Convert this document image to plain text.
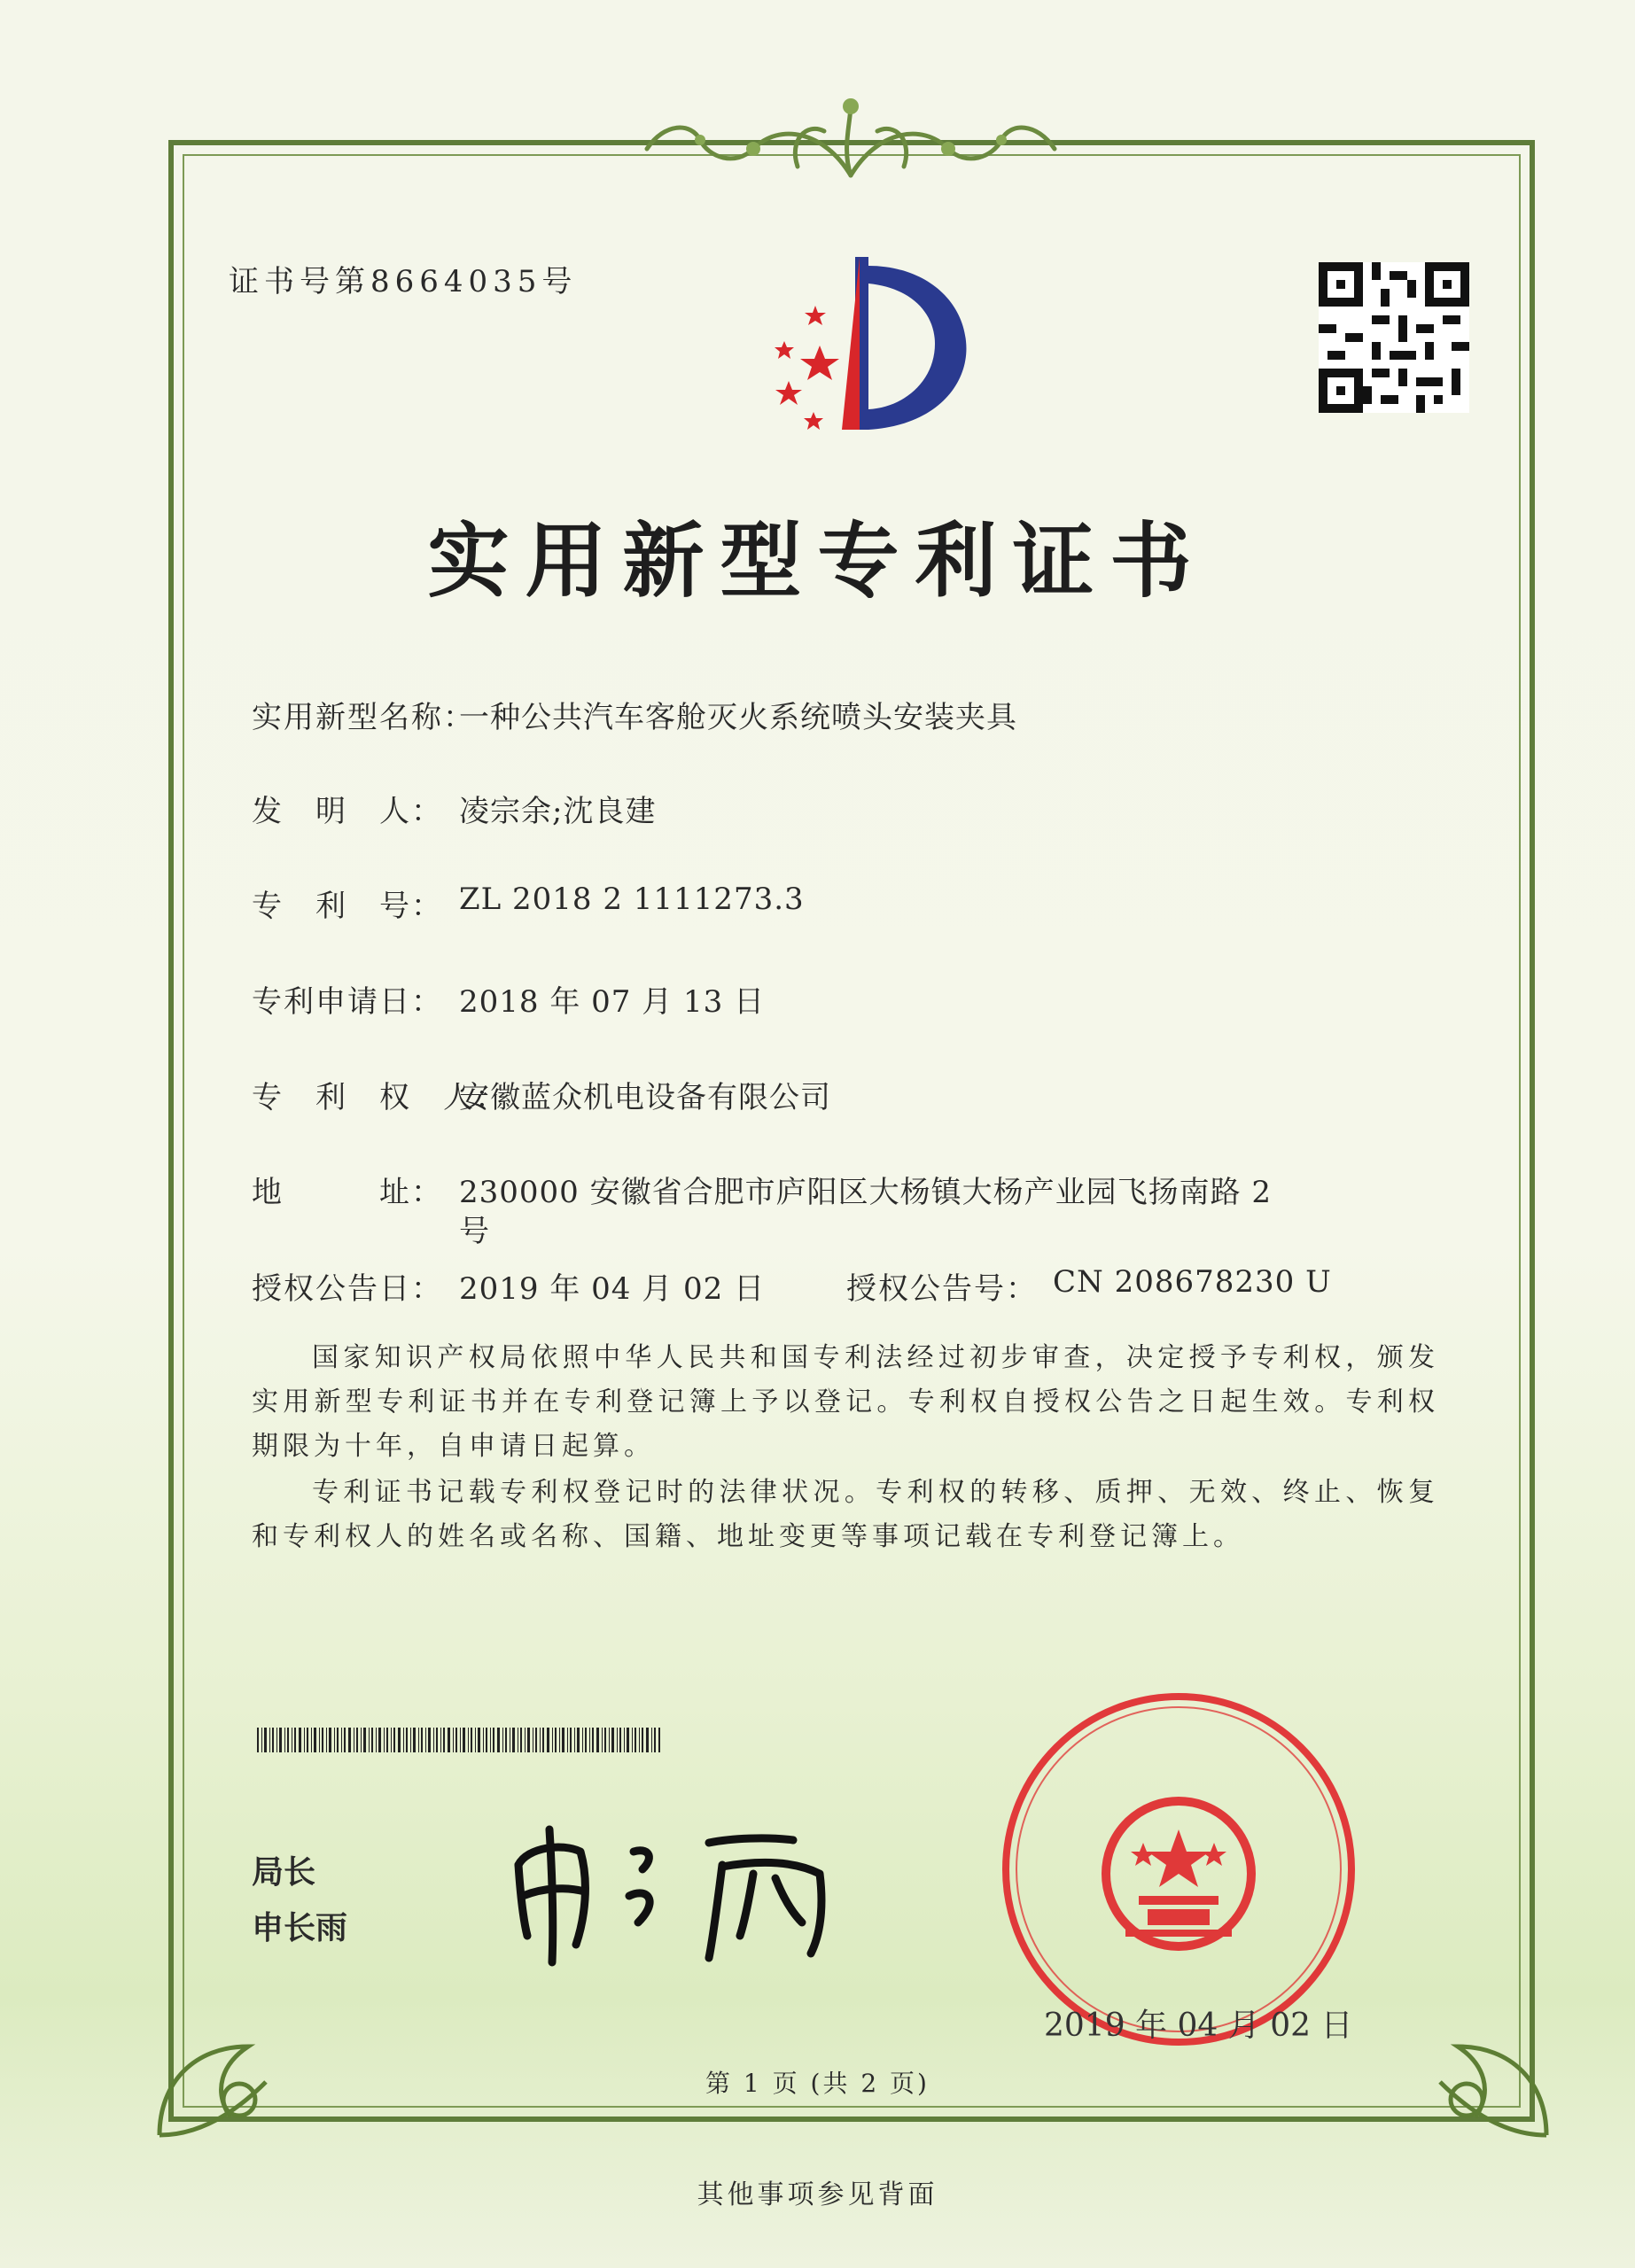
证书号第8664035号
实用新型专利证书
实用新型名称：
一种公共汽车客舱灭火系统喷头安装夹具
发　明　人： 凌宗余;沈良建
专　利　号： ZL 2018 2 1111273.3
专利申请日： 2018 年 07 月 13 日
专　利　权　人：
安徽蓝众机电设备有限公司
地　　　址： 230000 安徽省合肥市庐阳区大杨镇大杨产业园飞扬南路 2
号
授权公告日： 2019 年 04 月 02 日	授权公告号： CN 208678230 U
国家知识产权局依照中华人民共和国专利法经过初步审查，决定授予专利权，颁发实用新型专利证书并在专利登记簿上予以登记。专利权自授权公告之日起生效。专利权期限为十年，自申请日起算。
专利证书记载专利权登记时的法律状况。专利权的转移、质押、无效、终止、恢复和专利权人的姓名或名称、国籍、地址变更等事项记载在专利登记簿上。
局长
申长雨
2019 年 04 月 02 日
第 1 页 (共 2 页)
其他事项参见背面
